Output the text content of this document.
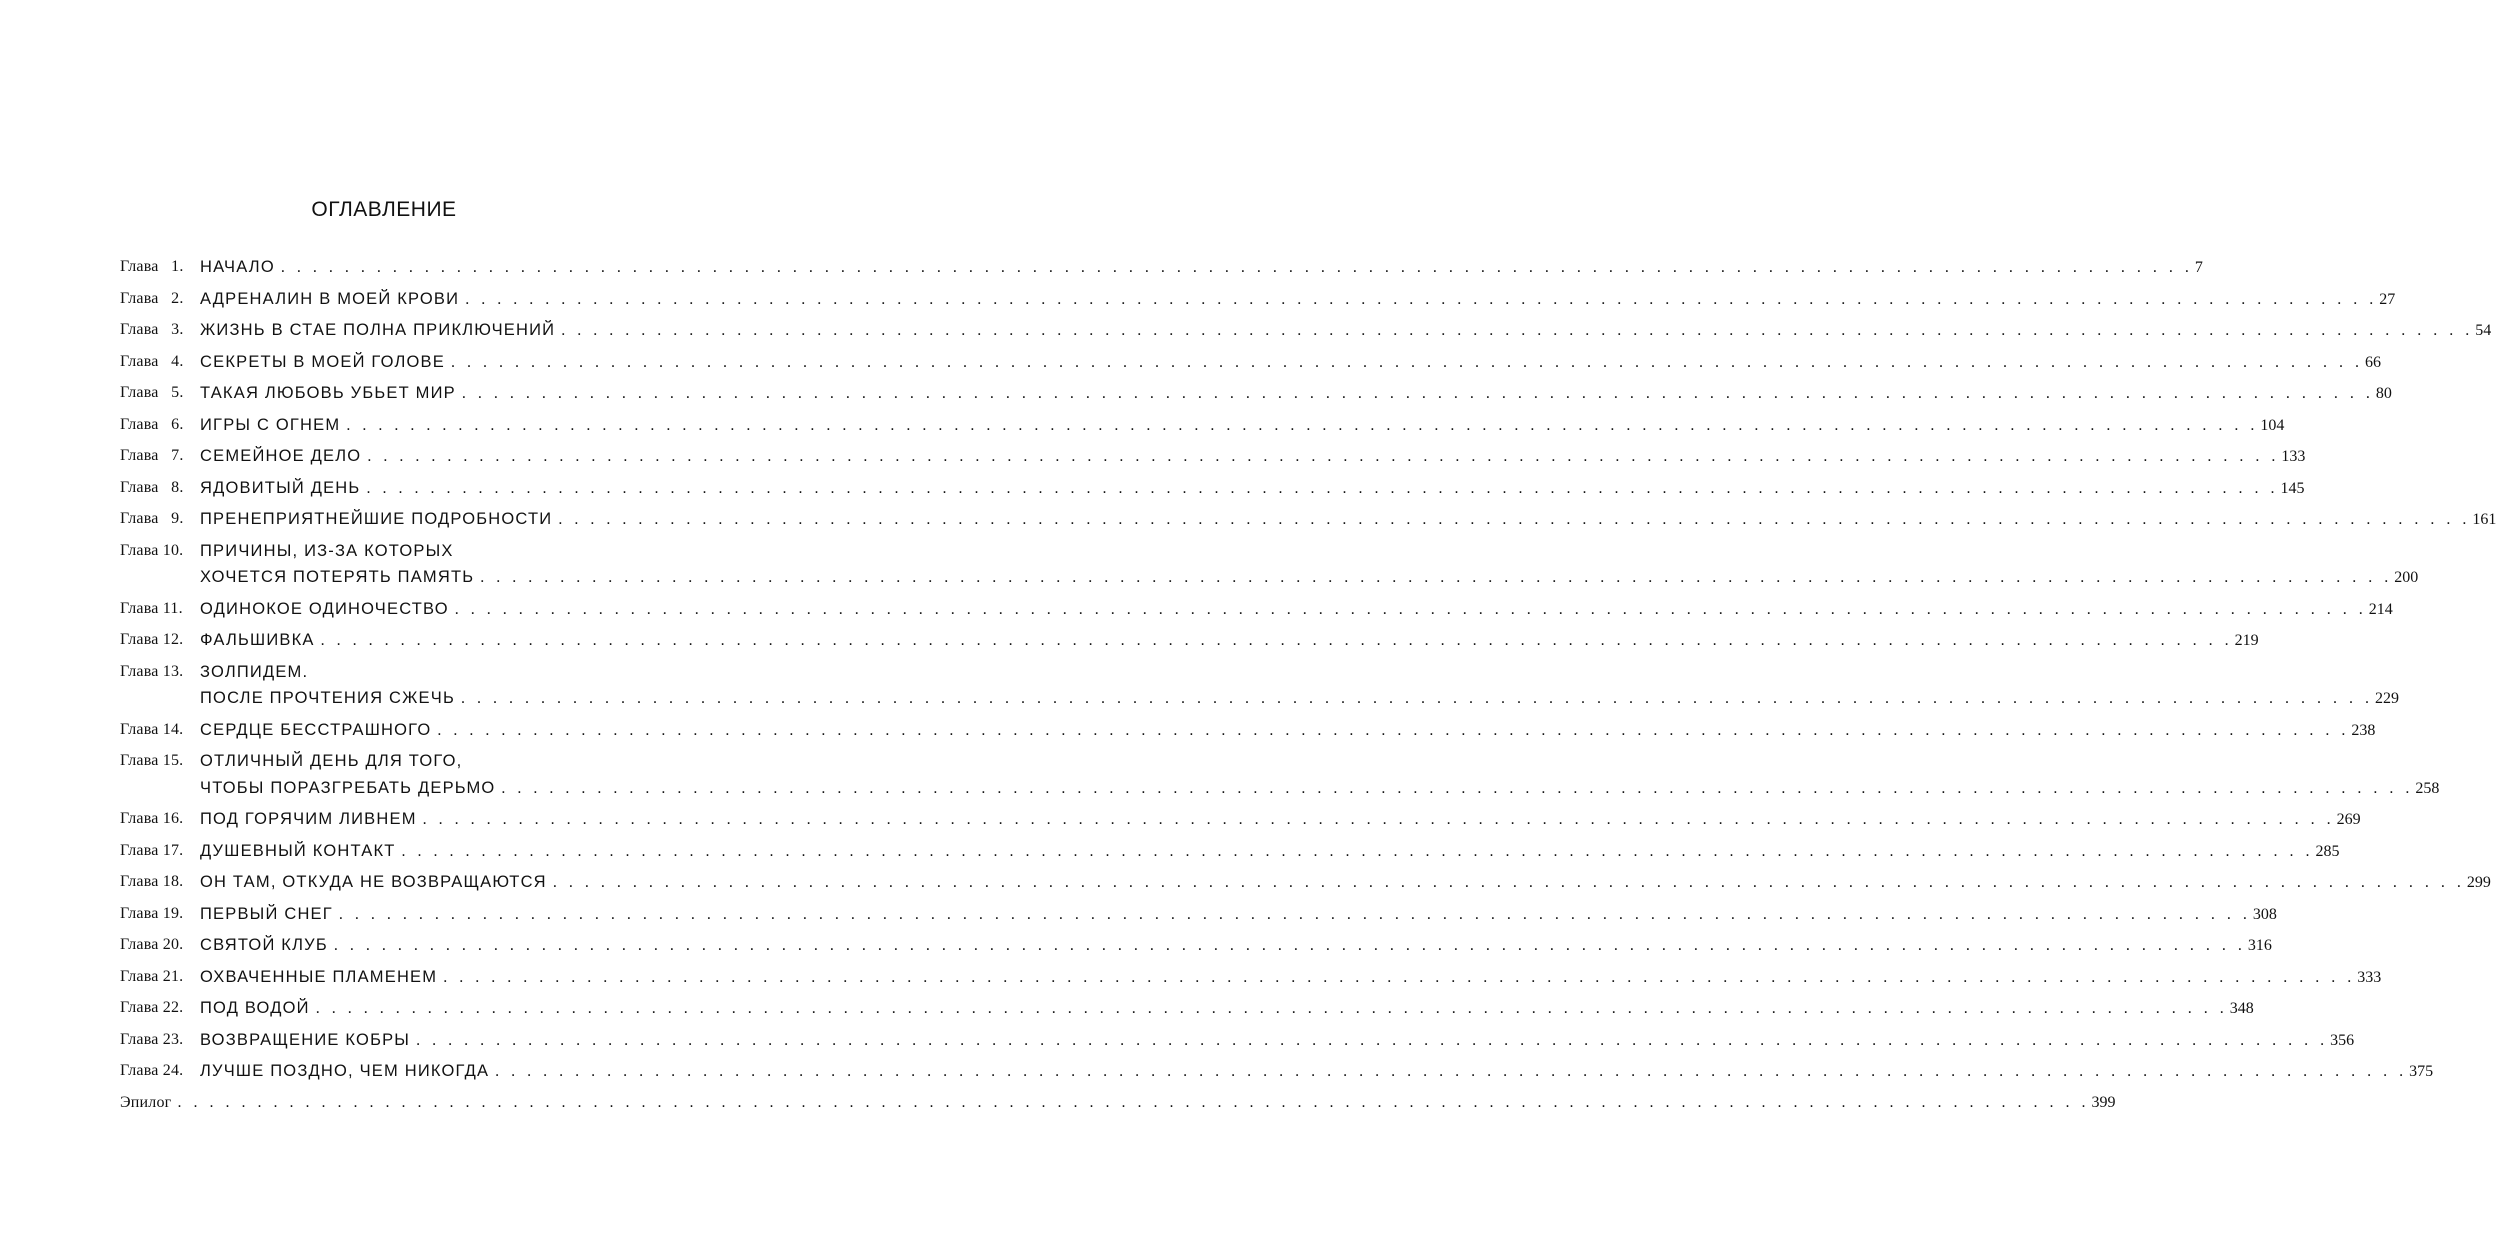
ОГЛАВЛЕНИЕ
Глава   1. НАЧАЛО . . . . . . . . . . . . . . . . . . . . . . . . . . . . . . . . . . . . . . . . . . . . . . . . . . . . . . . . . . . . . . . . . . . . . . . . . . . . . . . . . . . . . . . . . . . . . . . . . . . . . . . . . . . . . . . . . . . . . . . . 7
Глава   2. АДРЕНАЛИН В МОЕЙ КРОВИ . . . . . . . . . . . . . . . . . . . . . . . . . . . . . . . . . . . . . . . . . . . . . . . . . . . . . . . . . . . . . . . . . . . . . . . . . . . . . . . . . . . . . . . . . . . . . . . . . . . . . . . . . . . . . . . . . . . . . . . . 27
Глава   3. ЖИЗНЬ В СТАЕ ПОЛНА ПРИКЛЮЧЕНИЙ . . . . . . . . . . . . . . . . . . . . . . . . . . . . . . . . . . . . . . . . . . . . . . . . . . . . . . . . . . . . . . . . . . . . . . . . . . . . . . . . . . . . . . . . . . . . . . . . . . . . . . . . . . . . . . . . . . . . . . . . 54
Глава   4. СЕКРЕТЫ В МОЕЙ ГОЛОВЕ . . . . . . . . . . . . . . . . . . . . . . . . . . . . . . . . . . . . . . . . . . . . . . . . . . . . . . . . . . . . . . . . . . . . . . . . . . . . . . . . . . . . . . . . . . . . . . . . . . . . . . . . . . . . . . . . . . . . . . . . 66
Глава   5. ТАКАЯ ЛЮБОВЬ УБЬЕТ МИР . . . . . . . . . . . . . . . . . . . . . . . . . . . . . . . . . . . . . . . . . . . . . . . . . . . . . . . . . . . . . . . . . . . . . . . . . . . . . . . . . . . . . . . . . . . . . . . . . . . . . . . . . . . . . . . . . . . . . . . . 80
Глава   6. ИГРЫ С ОГНЕМ . . . . . . . . . . . . . . . . . . . . . . . . . . . . . . . . . . . . . . . . . . . . . . . . . . . . . . . . . . . . . . . . . . . . . . . . . . . . . . . . . . . . . . . . . . . . . . . . . . . . . . . . . . . . . . . . . . . . . . . . 104
Глава   7. СЕМЕЙНОЕ ДЕЛО . . . . . . . . . . . . . . . . . . . . . . . . . . . . . . . . . . . . . . . . . . . . . . . . . . . . . . . . . . . . . . . . . . . . . . . . . . . . . . . . . . . . . . . . . . . . . . . . . . . . . . . . . . . . . . . . . . . . . . . . 133
Глава   8. ЯДОВИТЫЙ ДЕНЬ . . . . . . . . . . . . . . . . . . . . . . . . . . . . . . . . . . . . . . . . . . . . . . . . . . . . . . . . . . . . . . . . . . . . . . . . . . . . . . . . . . . . . . . . . . . . . . . . . . . . . . . . . . . . . . . . . . . . . . . . 145
Глава   9. ПРЕНЕПРИЯТНЕЙШИЕ ПОДРОБНОСТИ . . . . . . . . . . . . . . . . . . . . . . . . . . . . . . . . . . . . . . . . . . . . . . . . . . . . . . . . . . . . . . . . . . . . . . . . . . . . . . . . . . . . . . . . . . . . . . . . . . . . . . . . . . . . . . . . . . . . . . . . 161
Глава 10.	ПРИЧИНЫ, ИЗ-ЗА КОТОРЫХ
ХОЧЕТСЯ ПОТЕРЯТЬ ПАМЯТЬ . . . . . . . . . . . . . . . . . . . . . . . . . . . . . . . . . . . . . . . . . . . . . . . . . . . . . . . . . . . . . . . . . . . . . . . . . . . . . . . . . . . . . . . . . . . . . . . . . . . . . . . . . . . . . . . . . . . . . . . . 200
Глава 11.	ОДИНОКОЕ ОДИНОЧЕСТВО . . . . . . . . . . . . . . . . . . . . . . . . . . . . . . . . . . . . . . . . . . . . . . . . . . . . . . . . . . . . . . . . . . . . . . . . . . . . . . . . . . . . . . . . . . . . . . . . . . . . . . . . . . . . . . . . . . . . . . . . 214
Глава 12.	ФАЛЬШИВКА . . . . . . . . . . . . . . . . . . . . . . . . . . . . . . . . . . . . . . . . . . . . . . . . . . . . . . . . . . . . . . . . . . . . . . . . . . . . . . . . . . . . . . . . . . . . . . . . . . . . . . . . . . . . . . . . . . . . . . . . 219
Глава 13.	ЗОЛПИДЕМ.
ПОСЛЕ ПРОЧТЕНИЯ СЖЕЧЬ . . . . . . . . . . . . . . . . . . . . . . . . . . . . . . . . . . . . . . . . . . . . . . . . . . . . . . . . . . . . . . . . . . . . . . . . . . . . . . . . . . . . . . . . . . . . . . . . . . . . . . . . . . . . . . . . . . . . . . . . 229
Глава 14.	СЕРДЦЕ БЕССТРАШНОГО . . . . . . . . . . . . . . . . . . . . . . . . . . . . . . . . . . . . . . . . . . . . . . . . . . . . . . . . . . . . . . . . . . . . . . . . . . . . . . . . . . . . . . . . . . . . . . . . . . . . . . . . . . . . . . . . . . . . . . . . 238
Глава 15.	ОТЛИЧНЫЙ ДЕНЬ ДЛЯ ТОГО,
ЧТОБЫ ПОРАЗГРЕБАТЬ ДЕРЬМО . . . . . . . . . . . . . . . . . . . . . . . . . . . . . . . . . . . . . . . . . . . . . . . . . . . . . . . . . . . . . . . . . . . . . . . . . . . . . . . . . . . . . . . . . . . . . . . . . . . . . . . . . . . . . . . . . . . . . . . . 258
Глава 16.	ПОД ГОРЯЧИМ ЛИВНЕМ . . . . . . . . . . . . . . . . . . . . . . . . . . . . . . . . . . . . . . . . . . . . . . . . . . . . . . . . . . . . . . . . . . . . . . . . . . . . . . . . . . . . . . . . . . . . . . . . . . . . . . . . . . . . . . . . . . . . . . . . 269
Глава 17.	ДУШЕВНЫЙ КОНТАКТ . . . . . . . . . . . . . . . . . . . . . . . . . . . . . . . . . . . . . . . . . . . . . . . . . . . . . . . . . . . . . . . . . . . . . . . . . . . . . . . . . . . . . . . . . . . . . . . . . . . . . . . . . . . . . . . . . . . . . . . . 285
Глава 18.	ОН ТАМ, ОТКУДА НЕ ВОЗВРАЩАЮТСЯ . . . . . . . . . . . . . . . . . . . . . . . . . . . . . . . . . . . . . . . . . . . . . . . . . . . . . . . . . . . . . . . . . . . . . . . . . . . . . . . . . . . . . . . . . . . . . . . . . . . . . . . . . . . . . . . . . . . . . . . . 299
Глава 19.	ПЕРВЫЙ СНЕГ . . . . . . . . . . . . . . . . . . . . . . . . . . . . . . . . . . . . . . . . . . . . . . . . . . . . . . . . . . . . . . . . . . . . . . . . . . . . . . . . . . . . . . . . . . . . . . . . . . . . . . . . . . . . . . . . . . . . . . . . 308
Глава 20.	СВЯТОЙ КЛУБ . . . . . . . . . . . . . . . . . . . . . . . . . . . . . . . . . . . . . . . . . . . . . . . . . . . . . . . . . . . . . . . . . . . . . . . . . . . . . . . . . . . . . . . . . . . . . . . . . . . . . . . . . . . . . . . . . . . . . . . . 316
Глава 21.	ОХВАЧЕННЫЕ ПЛАМЕНЕМ . . . . . . . . . . . . . . . . . . . . . . . . . . . . . . . . . . . . . . . . . . . . . . . . . . . . . . . . . . . . . . . . . . . . . . . . . . . . . . . . . . . . . . . . . . . . . . . . . . . . . . . . . . . . . . . . . . . . . . . . 333
Глава 22.	ПОД ВОДОЙ . . . . . . . . . . . . . . . . . . . . . . . . . . . . . . . . . . . . . . . . . . . . . . . . . . . . . . . . . . . . . . . . . . . . . . . . . . . . . . . . . . . . . . . . . . . . . . . . . . . . . . . . . . . . . . . . . . . . . . . . 348
Глава 23.	ВОЗВРАЩЕНИЕ КОБРЫ . . . . . . . . . . . . . . . . . . . . . . . . . . . . . . . . . . . . . . . . . . . . . . . . . . . . . . . . . . . . . . . . . . . . . . . . . . . . . . . . . . . . . . . . . . . . . . . . . . . . . . . . . . . . . . . . . . . . . . . . 356
Глава 24.	ЛУЧШЕ ПОЗДНО, ЧЕМ НИКОГДА . . . . . . . . . . . . . . . . . . . . . . . . . . . . . . . . . . . . . . . . . . . . . . . . . . . . . . . . . . . . . . . . . . . . . . . . . . . . . . . . . . . . . . . . . . . . . . . . . . . . . . . . . . . . . . . . . . . . . . . . 375
Эпилог . . . . . . . . . . . . . . . . . . . . . . . . . . . . . . . . . . . . . . . . . . . . . . . . . . . . . . . . . . . . . . . . . . . . . . . . . . . . . . . . . . . . . . . . . . . . . . . . . . . . . . . . . . . . . . . . . . . . . . . . 399
